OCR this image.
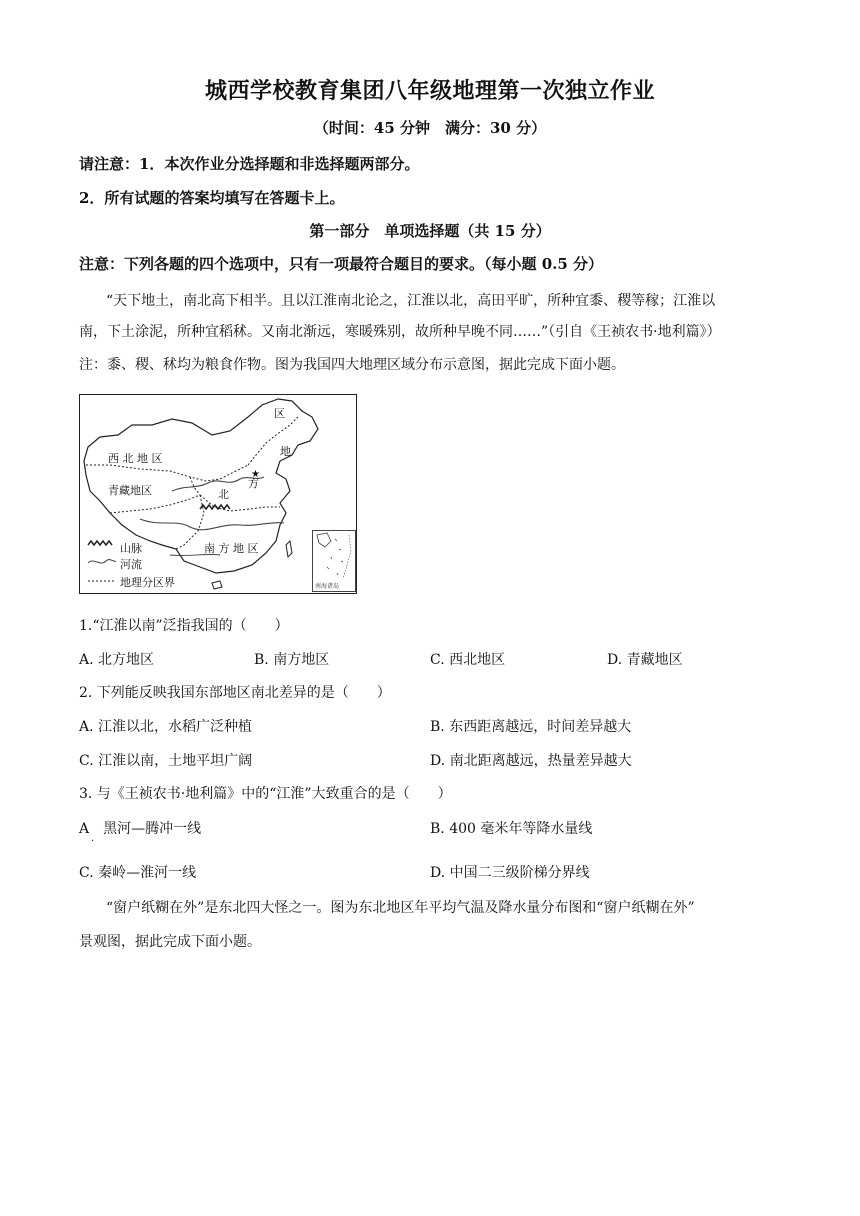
城西学校教育集团八年级地理第一次独立作业
（时间：45 分钟　满分：30 分）
请注意：1．本次作业分选择题和非选择题两部分。
2．所有试题的答案均填写在答题卡上。
第一部分　单项选择题（共 15 分）
注意：下列各题的四个选项中，只有一项最符合题目的要求。（每小题 0.5 分）
“天下地土，南北高下相半。且以江淮南北论之，江淮以北，高田平旷，所种宜黍、稷等稼；江淮以
南，下土涂泥，所种宜稻秫。又南北渐远，寒暖殊别，故所种早晚不同……”（引自《王祯农书·地利篇》）
注：黍、稷、秫均为粮食作物。图为我国四大地理区域分布示意图，据此完成下面小题。
★
西 北 地 区
青藏地区
南 方 地 区
北
方
地
区
山脉
河流
地理分区界	南海诸岛
1.“江淮以南”泛指我国的（　　）
A. 北方地区	B. 南方地区	C. 西北地区	D. 青藏地区
2. 下列能反映我国东部地区南北差异的是（　　）
A. 江淮以北，水稻广泛种植	B. 东西距离越远，时间差异越大
C. 江淮以南，土地平坦广阔	D. 南北距离越远，热量差异越大
3. 与《王祯农书·地利篇》中的“江淮”大致重合的是（　　）
A　黑河—腾冲一线
·
B. 400 毫米年等降水量线
C. 秦岭—淮河一线	D. 中国二三级阶梯分界线
“窗户纸糊在外”是东北四大怪之一。图为东北地区年平均气温及降水量分布图和“窗户纸糊在外”
景观图，据此完成下面小题。
